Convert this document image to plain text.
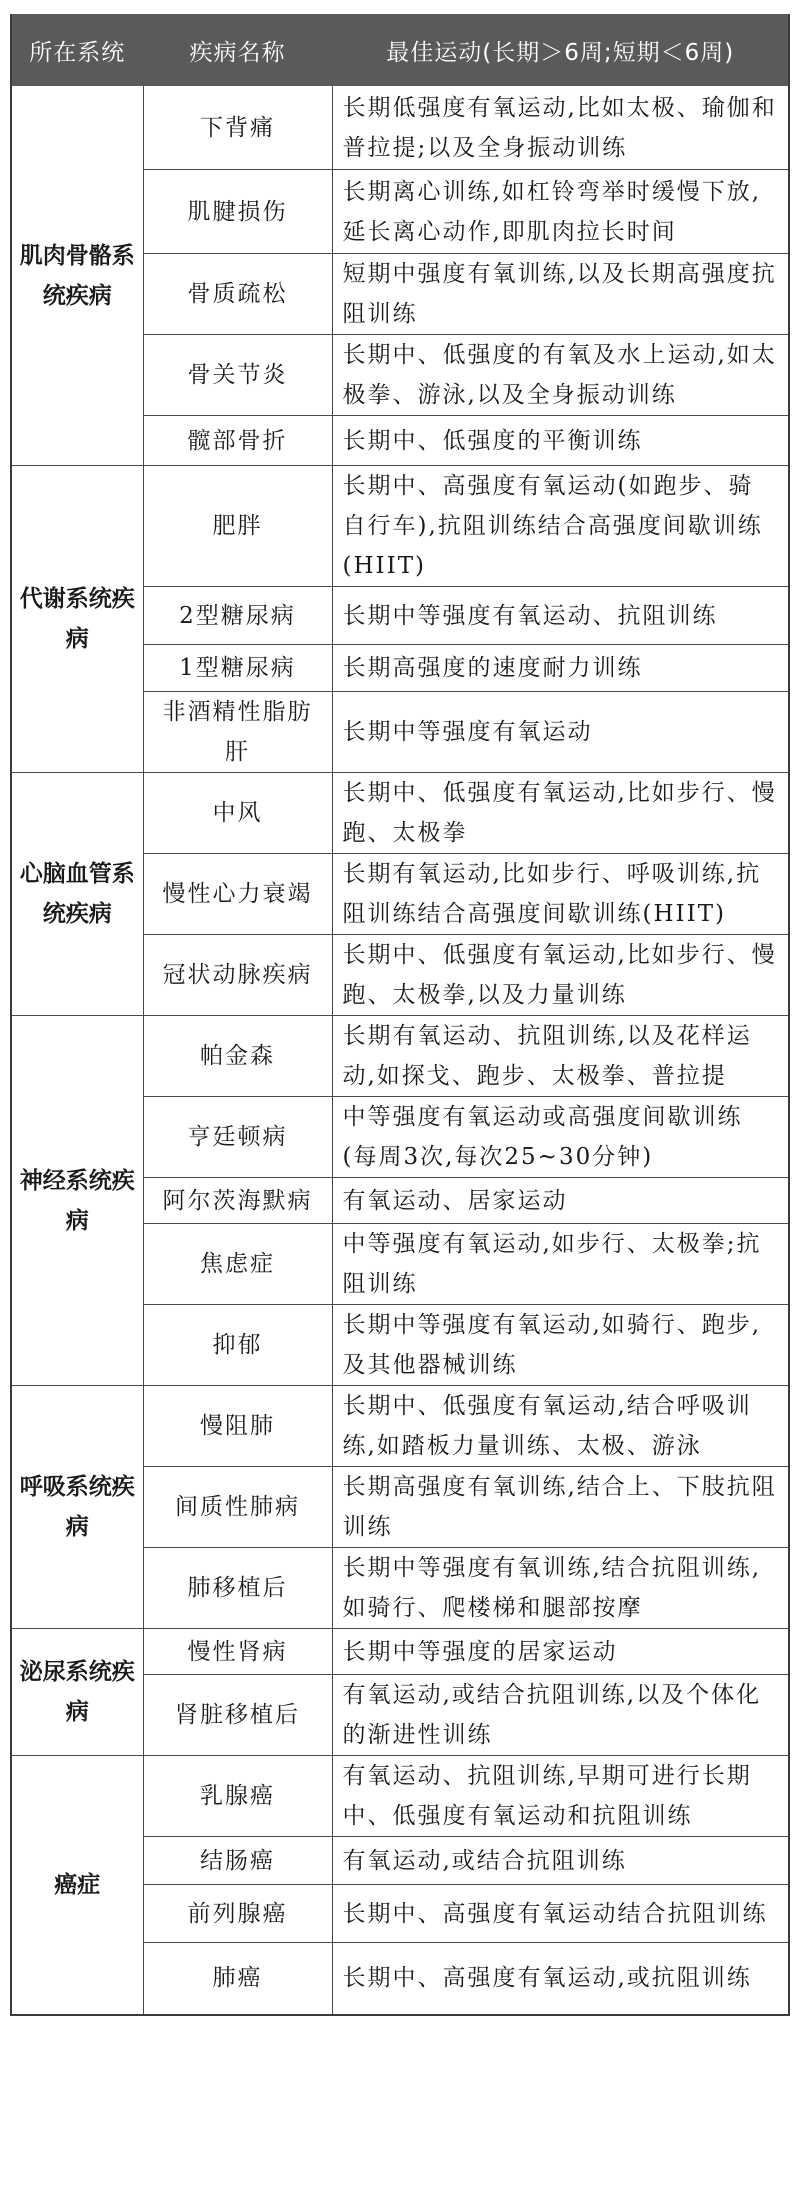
所在系统	疾病名称	最佳运动(长期＞6周;短期＜6周)
肌肉骨骼系统疾病	下背痛	长期低强度有氧运动,比如太极、瑜伽和普拉提;以及全身振动训练
	肌腱损伤	长期离心训练,如杠铃弯举时缓慢下放,延长离心动作,即肌肉拉长时间
	骨质疏松	短期中强度有氧训练,以及长期高强度抗阻训练
	骨关节炎	长期中、低强度的有氧及水上运动,如太极拳、游泳,以及全身振动训练
	髋部骨折	长期中、低强度的平衡训练
代谢系统疾病	肥胖	长期中、高强度有氧运动(如跑步、骑自行车),抗阻训练结合高强度间歇训练(HIIT)
	2型糖尿病	长期中等强度有氧运动、抗阻训练
	1型糖尿病	长期高强度的速度耐力训练
	非酒精性脂肪肝	长期中等强度有氧运动
心脑血管系统疾病	中风	长期中、低强度有氧运动,比如步行、慢跑、太极拳
	慢性心力衰竭	长期有氧运动,比如步行、呼吸训练,抗阻训练结合高强度间歇训练(HIIT)
	冠状动脉疾病	长期中、低强度有氧运动,比如步行、慢跑、太极拳,以及力量训练
神经系统疾病	帕金森	长期有氧运动、抗阻训练,以及花样运动,如探戈、跑步、太极拳、普拉提
	亨廷顿病	中等强度有氧运动或高强度间歇训练(每周3次,每次25~30分钟)
	阿尔茨海默病	有氧运动、居家运动
	焦虑症	中等强度有氧运动,如步行、太极拳;抗阻训练
	抑郁	长期中等强度有氧运动,如骑行、跑步,及其他器械训练
呼吸系统疾病	慢阻肺	长期中、低强度有氧运动,结合呼吸训练,如踏板力量训练、太极、游泳
	间质性肺病	长期高强度有氧训练,结合上、下肢抗阻训练
	肺移植后	长期中等强度有氧训练,结合抗阻训练,如骑行、爬楼梯和腿部按摩
泌尿系统疾病	慢性肾病	长期中等强度的居家运动
	肾脏移植后	有氧运动,或结合抗阻训练,以及个体化的渐进性训练
癌症	乳腺癌	有氧运动、抗阻训练,早期可进行长期中、低强度有氧运动和抗阻训练
	结肠癌	有氧运动,或结合抗阻训练
	前列腺癌	长期中、高强度有氧运动结合抗阻训练
	肺癌	长期中、高强度有氧运动,或抗阻训练
